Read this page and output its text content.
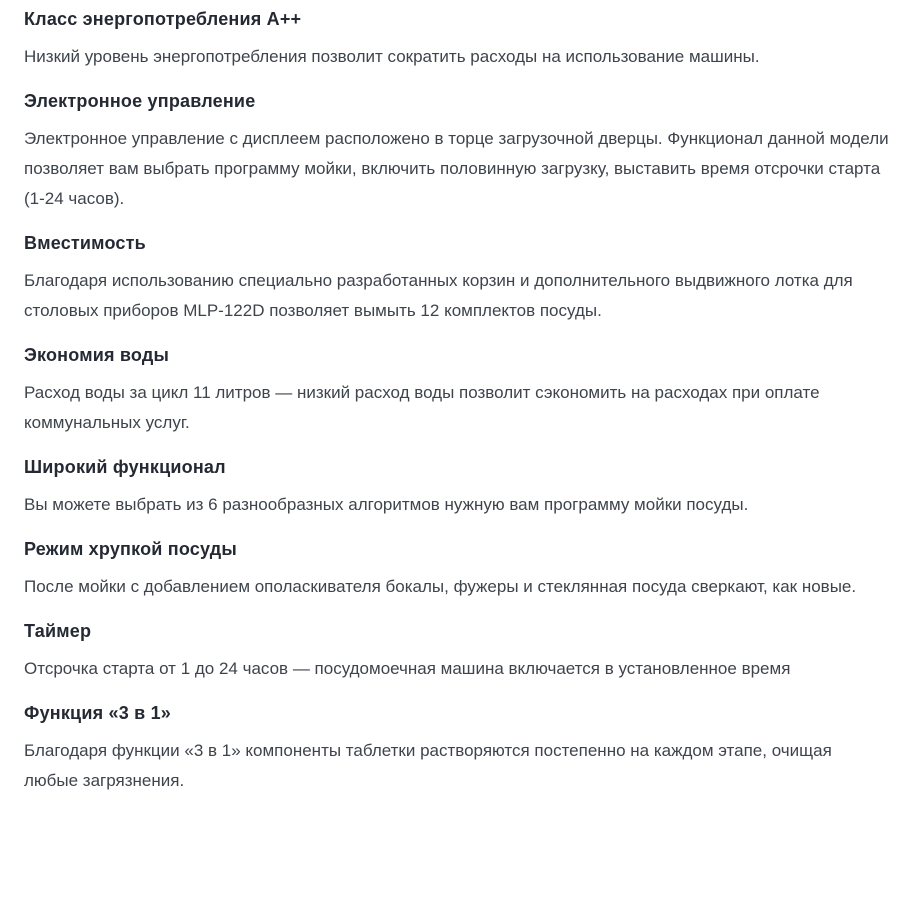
Класс энергопотребления А++

Низкий уровень энергопотребления позволит сократить расходы на использование машины.

Электронное управление

Электронное управление с дисплеем расположено в торце загрузочной дверцы. Функционал данной модели позволяет вам выбрать программу мойки, включить половинную загрузку, выставить время отсрочки старта (1-24 часов).

Вместимость

Благодаря использованию специально разработанных корзин и дополнительного выдвижного лотка для столовых приборов MLP-122D позволяет вымыть 12 комплектов посуды.

Экономия воды

Расход воды за цикл 11 литров — низкий расход воды позволит сэкономить на расходах при оплате коммунальных услуг.

Широкий функционал

Вы можете выбрать из 6 разнообразных алгоритмов нужную вам программу мойки посуды.

Режим хрупкой посуды

После мойки с добавлением ополаскивателя бокалы, фужеры и стеклянная посуда сверкают, как новые.

Таймер

Отсрочка старта от 1 до 24 часов — посудомоечная машина включается в установленное время

Функция «3 в 1»

Благодаря функции «3 в 1» компоненты таблетки растворяются постепенно на каждом этапе, очищая любые загрязнения.
